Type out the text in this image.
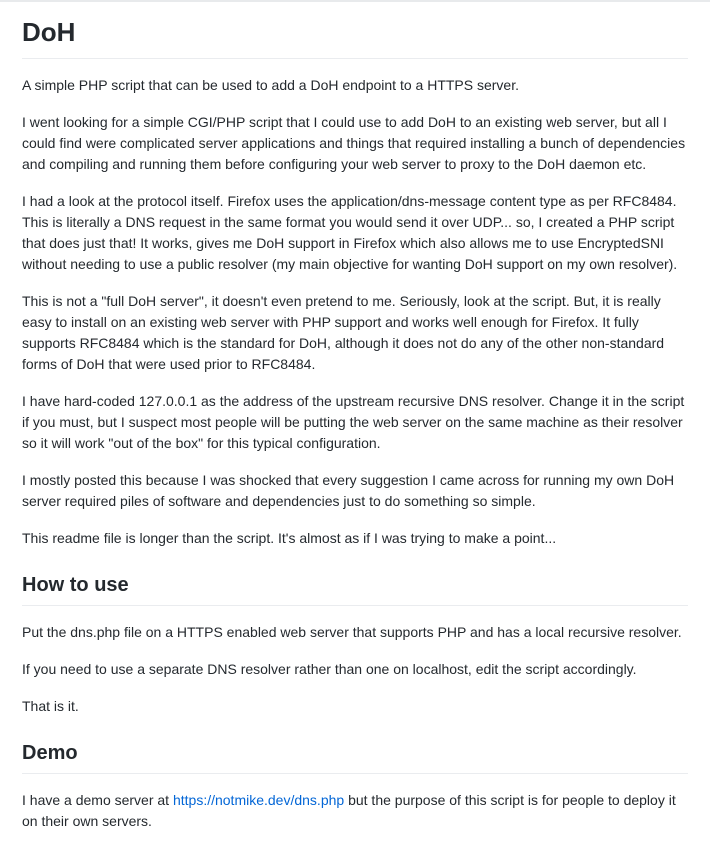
DoH

A simple PHP script that can be used to add a DoH endpoint to a HTTPS server.

I went looking for a simple CGI/PHP script that I could use to add DoH to an existing web server, but all I could find were complicated server applications and things that required installing a bunch of dependencies and compiling and running them before configuring your web server to proxy to the DoH daemon etc.

I had a look at the protocol itself. Firefox uses the application/dns-message content type as per RFC8484. This is literally a DNS request in the same format you would send it over UDP... so, I created a PHP script that does just that! It works, gives me DoH support in Firefox which also allows me to use EncryptedSNI without needing to use a public resolver (my main objective for wanting DoH support on my own resolver).

This is not a "full DoH server", it doesn't even pretend to me. Seriously, look at the script. But, it is really easy to install on an existing web server with PHP support and works well enough for Firefox. It fully supports RFC8484 which is the standard for DoH, although it does not do any of the other non-standard forms of DoH that were used prior to RFC8484.

I have hard-coded 127.0.0.1 as the address of the upstream recursive DNS resolver. Change it in the script if you must, but I suspect most people will be putting the web server on the same machine as their resolver so it will work "out of the box" for this typical configuration.

I mostly posted this because I was shocked that every suggestion I came across for running my own DoH server required piles of software and dependencies just to do something so simple.

This readme file is longer than the script. It's almost as if I was trying to make a point...

How to use

Put the dns.php file on a HTTPS enabled web server that supports PHP and has a local recursive resolver.

If you need to use a separate DNS resolver rather than one on localhost, edit the script accordingly.

That is it.

Demo

I have a demo server at https://notmike.dev/dns.php but the purpose of this script is for people to deploy it on their own servers.
